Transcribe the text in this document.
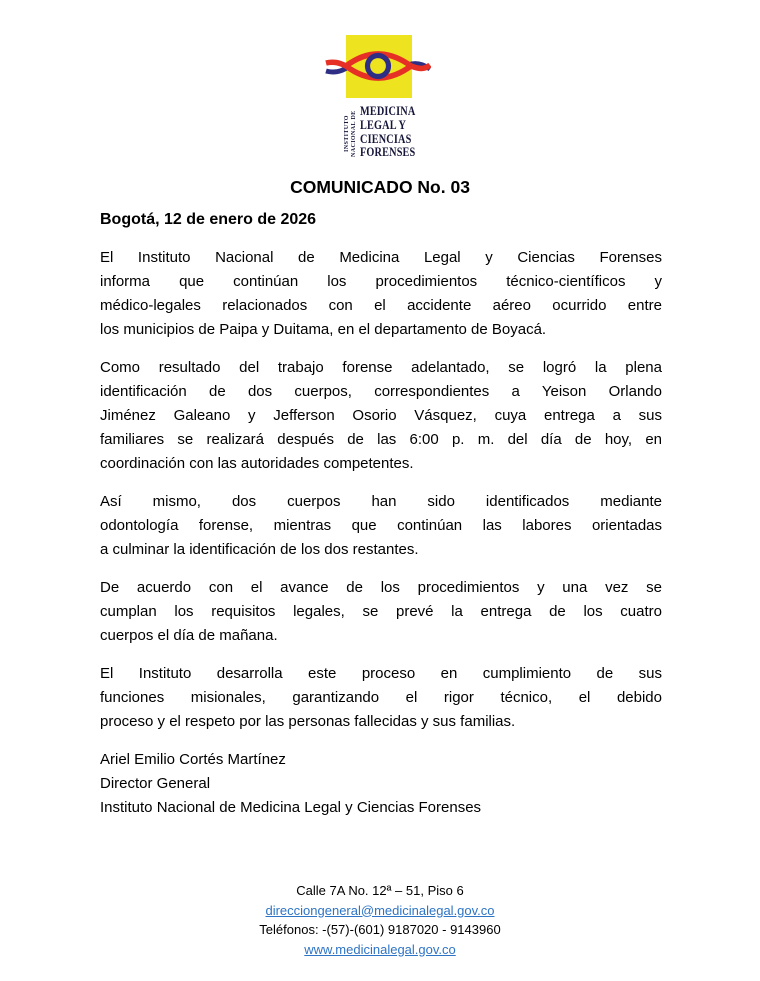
INSTITUTO NACIONAL DE MEDICINA
LEGAL Y
CIENCIAS
FORENSES
COMUNICADO No. 03
Bogotá, 12 de enero de 2026
El Instituto Nacional de Medicina Legal y Ciencias Forenses
informa que continúan los procedimientos técnico-científicos y
médico-legales relacionados con el accidente aéreo ocurrido entre
los municipios de Paipa y Duitama, en el departamento de Boyacá.
Como resultado del trabajo forense adelantado, se logró la plena
identificación de dos cuerpos, correspondientes a Yeison Orlando
Jiménez Galeano y Jefferson Osorio Vásquez, cuya entrega a sus
familiares se realizará después de las 6:00 p. m. del día de hoy, en
coordinación con las autoridades competentes.
Así mismo, dos cuerpos han sido identificados mediante
odontología forense, mientras que continúan las labores orientadas
a culminar la identificación de los dos restantes.
De acuerdo con el avance de los procedimientos y una vez se
cumplan los requisitos legales, se prevé la entrega de los cuatro
cuerpos el día de mañana.
El Instituto desarrolla este proceso en cumplimiento de sus
funciones misionales, garantizando el rigor técnico, el debido
proceso y el respeto por las personas fallecidas y sus familias.
Ariel Emilio Cortés Martínez
Director General
Instituto Nacional de Medicina Legal y Ciencias Forenses
Calle 7A No. 12ª – 51, Piso 6
direcciongeneral@medicinalegal.gov.co
Teléfonos: -(57)-(601) 9187020 - 9143960
www.medicinalegal.gov.co
